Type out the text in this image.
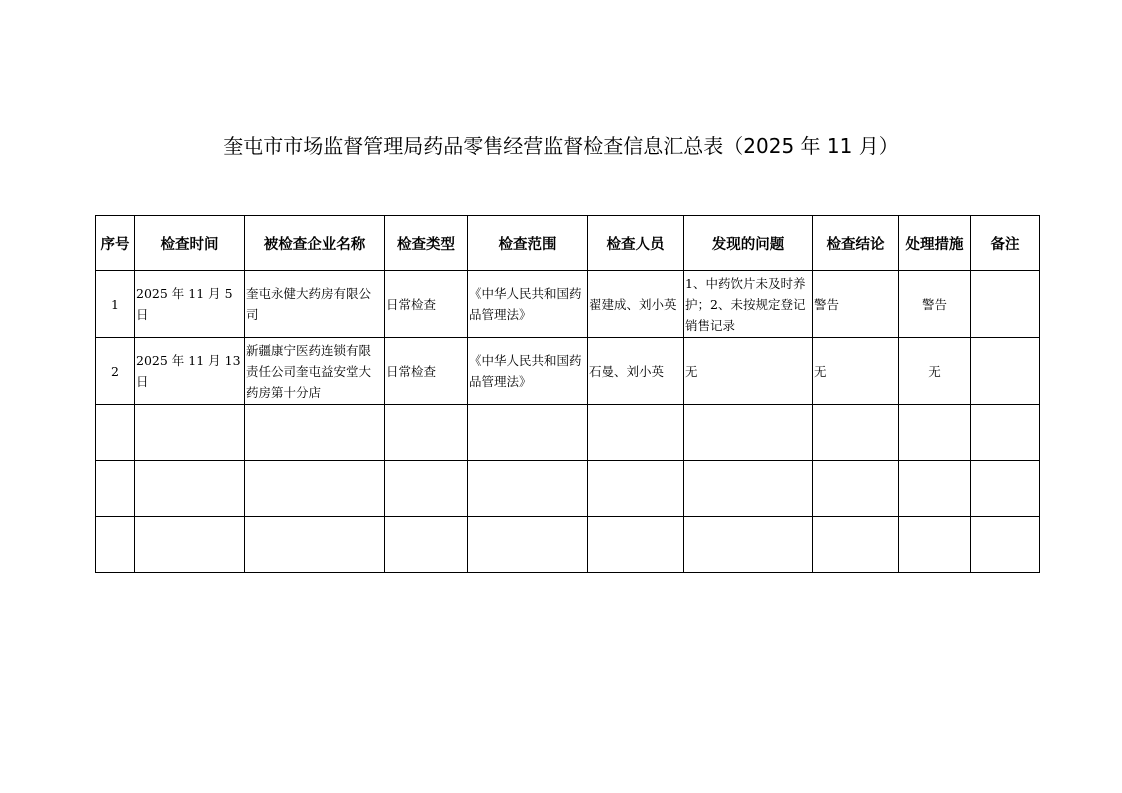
奎屯市市场监督管理局药品零售经营监督检查信息汇总表（2025 年 11 月）
序号	检查时间	被检查企业名称	检查类型	检查范围	检查人员	发现的问题	检查结论	处理措施	备注
1	2025 年 11 月 5 日	奎屯永健大药房有限公司	日常检查	《中华人民共和国药品管理法》	翟建成、刘小英	1、中药饮片未及时养护；2、未按规定登记销售记录	警告	警告	
2	2025 年 11 月 13 日	新疆康宁医药连锁有限责任公司奎屯益安堂大药房第十分店	日常检查	《中华人民共和国药品管理法》	石曼、刘小英	无	无	无	
